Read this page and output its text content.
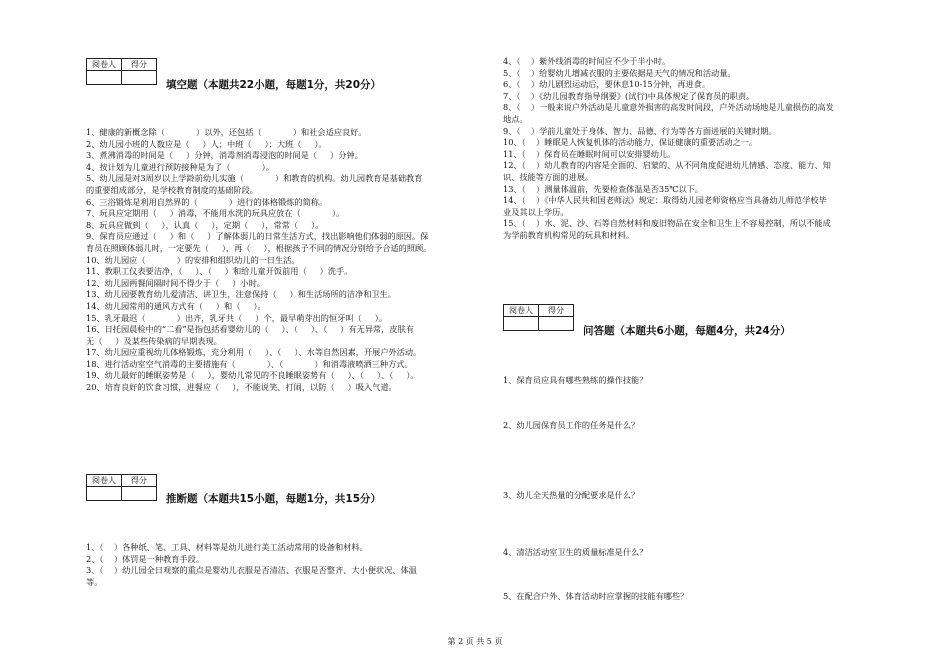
阅卷人	得分

填空题（本题共22小题，每题1分，共20分）
1、健康的新概念除（            ）以外，还包括（            ）和社会适应良好。
2、幼儿园小班的人数应是（     ）人；中班（     ）；大班（     ）。
3、煮沸消毒的时间是（     ）分钟，消毒剂消毒浸泡的时间是（     ）分钟。
4、按计划为儿童进行预防接种是为了（            ）。
5、幼儿园是对3周岁以上学龄前幼儿实施（            ）和教育的机构。幼儿园教育是基础教育
的重要组成部分，是学校教育制度的基础阶段。
6、三浴锻炼是利用自然界的（            ）进行的体格锻炼的简称。
7、玩具应定期用（     ）消毒，不能用水洗的玩具应放在（            ）。
8、玩具应做到（     ），认真（     ），定期（     ），常常（     ）。
9、保育员应通过（     ）和（     ）了解体弱儿的日常生活方式，找出影响他们体弱的原因。保
育员在照顾体弱儿时，一定要先（     ），再（     ），根据孩子不同的情况分别给予合适的照顾。
10、幼儿园应（            ）的安排和组织幼儿的一日生活。
11、教职工仪表要洁净，（     ）、（     ）和给儿童开饭前用（     ）洗手。
12、幼儿园两餐间隔时间不得少于（     ）小时。
13、幼儿园要教育幼儿爱清洁、讲卫生，注意保持（     ）和生活场所的洁净和卫生。
14、幼儿园常用的通风方式有（     ）和（     ）。
15、乳牙最迟（            ）出齐，乳牙共（     ）个，最早萌芽出的恒牙叫（     ）。
16、日托园晨检中的“二看”是指包括看婴幼儿的（     ）、（     ）、（     ）有无异常，皮肤有
无（     ）及某些传染病的早期表现。
17、幼儿园应重视幼儿体格锻炼，充分利用（     ）、（     ）、水等自然因素，开展户外活动。
18、进行活动室空气消毒的主要措施有（            ）、（            ）和消毒液喷洒三种方式。
19、幼儿最好的睡眠姿势是（     ），婴幼儿常见的不良睡眠姿势有（     ）、（     ）、（     ）。
20、培育良好的饮食习惯，进餐应（     ），不能说笑、打闹，以防（     ）吸入气道。
阅卷人	得分

推断题（本题共15小题，每题1分，共15分）
1、（    ）各种纸、笔、工具、材料等是幼儿进行美工活动常用的设备和材料。
2、（    ）体罚是一种教育手段。
3、（    ）幼儿园全日观察的重点是婴幼儿衣服是否清洁、衣服是否整齐、大小便状况、体温
等。
4、（    ）紫外线消毒的时间应不少于半小时。
5、（    ）给婴幼儿增减衣服的主要依据是天气的情况和活动量。
6、（    ）幼儿剧烈运动后，要休息10-15分钟，再进食。
7、（    ）《幼儿园教育指导纲要》(试行)中具体规定了保育员的职责。
8、（    ）一般来说户外活动是儿童意外损害的高发时间段，户外活动场地是儿童损伤的高发
地点。
9、（    ）学前儿童处于身体、智力、品德、行为等各方面进展的关键时期。
10、（    ）睡眠是人恢复机体的活动能力，保证健康的重要活动之一。
11、（    ）保育员在睡眠时间可以安排婴幼儿。
12、（    ）幼儿教育的内容是全面的、启蒙的、从不同角度促进幼儿情感、态度、能力、知
识、技能等方面的进展。
13、（    ）测量体温前，先要检查体温是否35℃以下。
14、（    ）《中华人民共和国老师法》规定：取得幼儿园老师资格应当具备幼儿师范学校毕
业及其以上学历。
15、（    ）水、泥、沙、石等自然材料和废旧物品在安全和卫生上不容易控制，所以不能成
为学前教育机构常见的玩具和材料。
阅卷人	得分

问答题（本题共6小题，每题4分，共24分）
1、保育员应具有哪些熟练的操作技能？
2、幼儿园保育员工作的任务是什么？
3、幼儿全天热量的分配要求是什么？
4、清洁活动室卫生的质量标准是什么？
5、在配合户外、体育活动时应掌握的技能有哪些？
第 2 页 共 5 页
